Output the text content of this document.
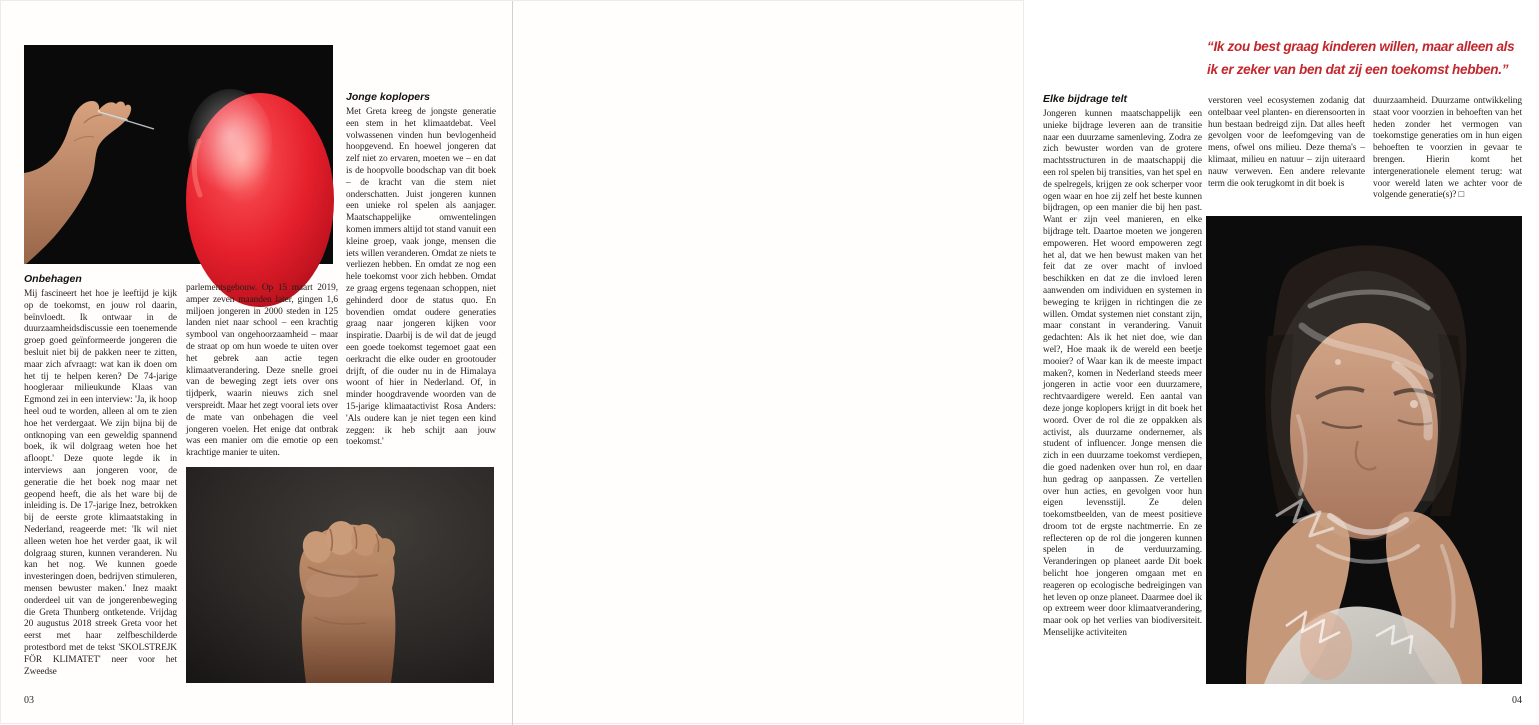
Onbehagen

Mij fascineert het hoe je leeftijd je kijk op de toekomst, en jouw rol daarin, beïnvloedt. Ik ontwaar in de duurzaamheidsdiscussie een toenemende groep goed geïnformeerde jongeren die besluit niet bij de pakken neer te zitten, maar zich afvraagt: wat kan ik doen om het tij te helpen keren? De 74-jarige hoogleraar milieukunde Klaas van Egmond zei in een interview: 'Ja, ik hoop heel oud te worden, alleen al om te zien hoe het verdergaat. We zijn bijna bij de ontknoping van een geweldig spannend boek, ik wil dolgraag weten hoe het afloopt.' Deze quote legde ik in interviews aan jongeren voor, de generatie die het boek nog maar net geopend heeft, die als het ware bij de inleiding is. De 17-jarige Inez, betrokken bij de eerste grote klimaatstaking in Nederland, reageerde met: 'Ik wil niet alleen weten hoe het verder gaat, ik wil dolgraag sturen, kunnen veranderen. Nu kan het nog. We kunnen goede investeringen doen, bedrijven stimuleren, mensen bewuster maken.' Inez maakt onderdeel uit van de jongerenbeweging die Greta Thunberg ontketende. Vrijdag 20 augustus 2018 streek Greta voor het eerst met haar zelfbeschilderde protestbord met de tekst 'SKOLSTREJK FÖR KLIMATET' neer voor het Zweedse

parlementsgebouw. Op 15 maart 2019, amper zeven maanden later, gingen 1,6 miljoen jongeren in 2000 steden in 125 landen niet naar school – een krachtig symbool van ongehoorzaamheid – maar de straat op om hun woede te uiten over het gebrek aan actie tegen klimaatverandering. Deze snelle groei van de beweging zegt iets over ons tijdperk, waarin nieuws zich snel verspreidt. Maar het zegt vooral iets over de mate van onbehagen die veel jongeren voelen. Het enige dat ontbrak was een manier om die emotie op een krachtige manier te uiten.

Jonge koplopers

Met Greta kreeg de jongste generatie een stem in het klimaatdebat. Veel volwassenen vinden hun bevlogenheid hoopgevend. En hoewel jongeren dat zelf niet zo ervaren, moeten we – en dat is de hoopvolle boodschap van dit boek – de kracht van die stem niet onderschatten. Juist jongeren kunnen een unieke rol spelen als aanjager. Maatschappelijke omwentelingen komen immers altijd tot stand vanuit een kleine groep, vaak jonge, mensen die iets willen veranderen. Omdat ze niets te verliezen hebben. En omdat ze nog een hele toekomst voor zich hebben. Omdat ze graag ergens tegenaan schoppen, niet gehinderd door de status quo. En bovendien omdat oudere generaties graag naar jongeren kijken voor inspiratie. Daarbij is de wil dat de jeugd een goede toekomst tegemoet gaat een oerkracht die elke ouder en grootouder drijft, of die ouder nu in de Himalaya woont of hier in Nederland. Of, in minder hoogdravende woorden van de 15-jarige klimaatactivist Rosa Anders: 'Als oudere kan je niet tegen een kind zeggen: ik heb schijt aan jouw toekomst.'

03
“Ik zou best graag kinderen willen, maar alleen als
ik er zeker van ben dat zij een toekomst hebben.”
Elke bijdrage telt

Jongeren kunnen maatschappelijk een unieke bijdrage leveren aan de transitie naar een duurzame samenleving. Zodra ze zich bewuster worden van de grotere machtsstructuren in de maatschappij die een rol spelen bij transities, van het spel en de spelregels, krijgen ze ook scherper voor ogen waar en hoe zij zelf het beste kunnen bijdragen, op een manier die bij hen past. Want er zijn veel manieren, en elke bijdrage telt. Daartoe moeten we jongeren empoweren. Het woord empoweren zegt het al, dat we hen bewust maken van het feit dat ze over macht of invloed beschikken en dat ze die invloed leren aanwenden om individuen en systemen in beweging te krijgen in richtingen die ze willen. Omdat systemen niet constant zijn, maar constant in verandering. Vanuit gedachten: Als ik het niet doe, wie dan wel?, Hoe maak ik de wereld een beetje mooier? of Waar kan ik de meeste impact maken?, komen in Nederland steeds meer jongeren in actie voor een duurzamere, rechtvaardigere wereld. Een aantal van deze jonge koplopers krijgt in dit boek het woord. Over de rol die ze oppakken als activist, als duurzame ondernemer, als student of influencer. Jonge mensen die zich in een duurzame toekomst verdiepen, die goed nadenken over hun rol, en daar hun gedrag op aanpassen. Ze vertellen over hun acties, en gevolgen voor hun eigen levensstijl. Ze delen toekomstbeelden, van de meest positieve droom tot de ergste nachtmerrie. En ze reflecteren op de rol die jongeren kunnen spelen in de verduurzaming. Veranderingen op planeet aarde Dit boek belicht hoe jongeren omgaan met en reageren op ecologische bedreigingen van het leven op onze planeet. Daarmee doel ik op extreem weer door klimaatverandering, maar ook op het verlies van biodiversiteit. Menselijke activiteiten

verstoren veel ecosystemen zodanig dat ontelbaar veel planten- en dierensoorten in hun bestaan bedreigd zijn. Dat alles heeft gevolgen voor de leefomgeving van de mens, ofwel ons milieu. Deze thema's – klimaat, milieu en natuur – zijn uiteraard nauw verweven. Een andere relevante term die ook terugkomt in dit boek is

duurzaamheid. Duurzame ontwikkeling staat voor voorzien in behoeften van het heden zonder het vermogen van toekomstige generaties om in hun eigen behoeften te voorzien in gevaar te brengen. Hierin komt het intergenerationele element terug: wat voor wereld laten we achter voor de volgende generatie(s)? □

04
